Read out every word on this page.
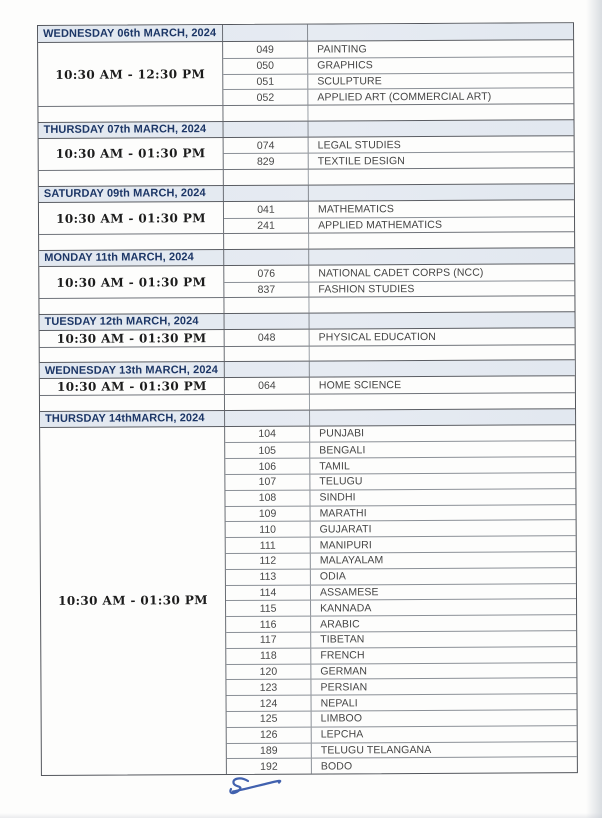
WEDNESDAY 06th MARCH, 2024
10:30 AM - 12:30 PM
049	PAINTING
050	GRAPHICS
051	SCULPTURE
052	APPLIED ART (COMMERCIAL ART)
THURSDAY 07th MARCH, 2024
10:30 AM - 01:30 PM
074	LEGAL STUDIES
829	TEXTILE DESIGN
SATURDAY 09th MARCH, 2024
10:30 AM - 01:30 PM
041	MATHEMATICS
241	APPLIED MATHEMATICS
MONDAY 11th MARCH, 2024
10:30 AM - 01:30 PM
076	NATIONAL CADET CORPS (NCC)
837	FASHION STUDIES
TUESDAY 12th MARCH, 2024
10:30 AM - 01:30 PM	048	PHYSICAL EDUCATION
WEDNESDAY 13th MARCH, 2024
10:30 AM - 01:30 PM	064	HOME SCIENCE
THURSDAY 14thMARCH, 2024
10:30 AM - 01:30 PM
104	PUNJABI
105	BENGALI
106	TAMIL
107	TELUGU
108	SINDHI
109	MARATHI
110	GUJARATI
111	MANIPURI
112	MALAYALAM
113	ODIA
114	ASSAMESE
115	KANNADA
116	ARABIC
117	TIBETAN
118	FRENCH
120	GERMAN
123	PERSIAN
124	NEPALI
125	LIMBOO
126	LEPCHA
189	TELUGU TELANGANA
192	BODO
